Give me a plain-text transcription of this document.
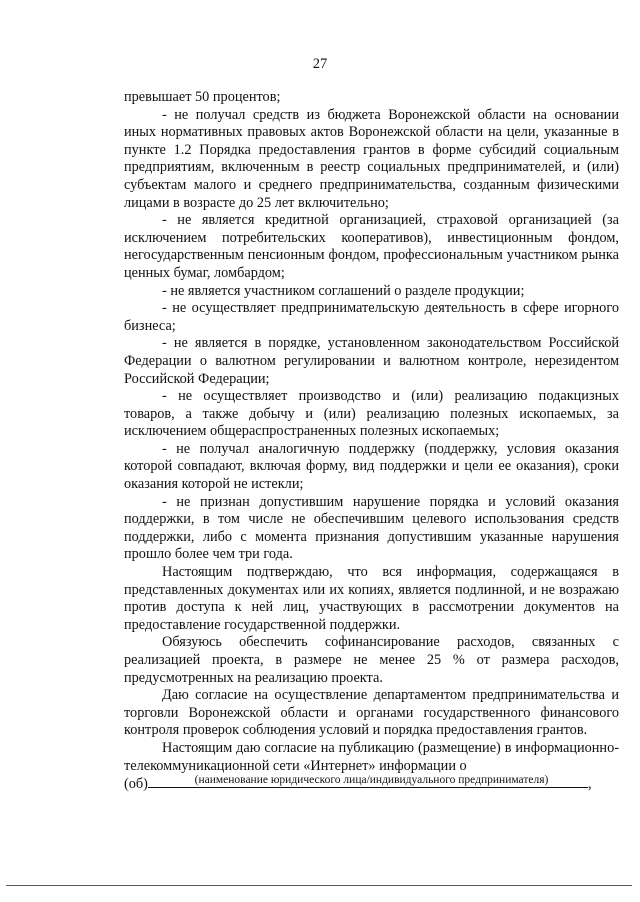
27

превышает 50 процентов;

- не получал средств из бюджета Воронежской области на основании иных нормативных правовых актов Воронежской области на цели, указанные в пункте 1.2 Порядка предоставления грантов в форме субсидий социальным предприятиям, включенным в реестр социальных предпринимателей, и (или) субъектам малого и среднего предпринимательства, созданным физическими лицами в возрасте до 25 лет включительно;

- не является кредитной организацией, страховой организацией (за исключением потребительских кооперативов), инвестиционным фондом, негосударственным пенсионным фондом, профессиональным участником рынка ценных бумаг, ломбардом;

- не является участником соглашений о разделе продукции;

- не осуществляет предпринимательскую деятельность в сфере игорного бизнеса;

- не является в порядке, установленном законодательством Российской Федерации о валютном регулировании и валютном контроле, нерезидентом Российской Федерации;

- не осуществляет производство и (или) реализацию подакцизных товаров, а также добычу и (или) реализацию полезных ископаемых, за исключением общераспространенных полезных ископаемых;

- не получал аналогичную поддержку (поддержку, условия оказания которой совпадают, включая форму, вид поддержки и цели ее оказания), сроки оказания которой не истекли;

- не признан допустившим нарушение порядка и условий оказания поддержки, в том числе не обеспечившим целевого использования средств поддержки, либо с момента признания допустившим указанные нарушения прошло более чем три года.

Настоящим подтверждаю, что вся информация, содержащаяся в представленных документах или их копиях, является подлинной, и не возражаю против доступа к ней лиц, участвующих в рассмотрении документов на предоставление государственной поддержки.

Обязуюсь обеспечить софинансирование расходов, связанных с реализацией проекта, в размере не менее 25 % от размера расходов, предусмотренных на реализацию проекта.

Даю согласие на осуществление департаментом предпринимательства и торговли Воронежской области и органами государственного финансового контроля проверок соблюдения условий и порядка предоставления грантов.

Настоящим даю согласие на публикацию (размещение) в информационно-телекоммуникационной сети «Интернет» информации о

(об)	,

(наименование юридического лица/индивидуального предпринимателя)
